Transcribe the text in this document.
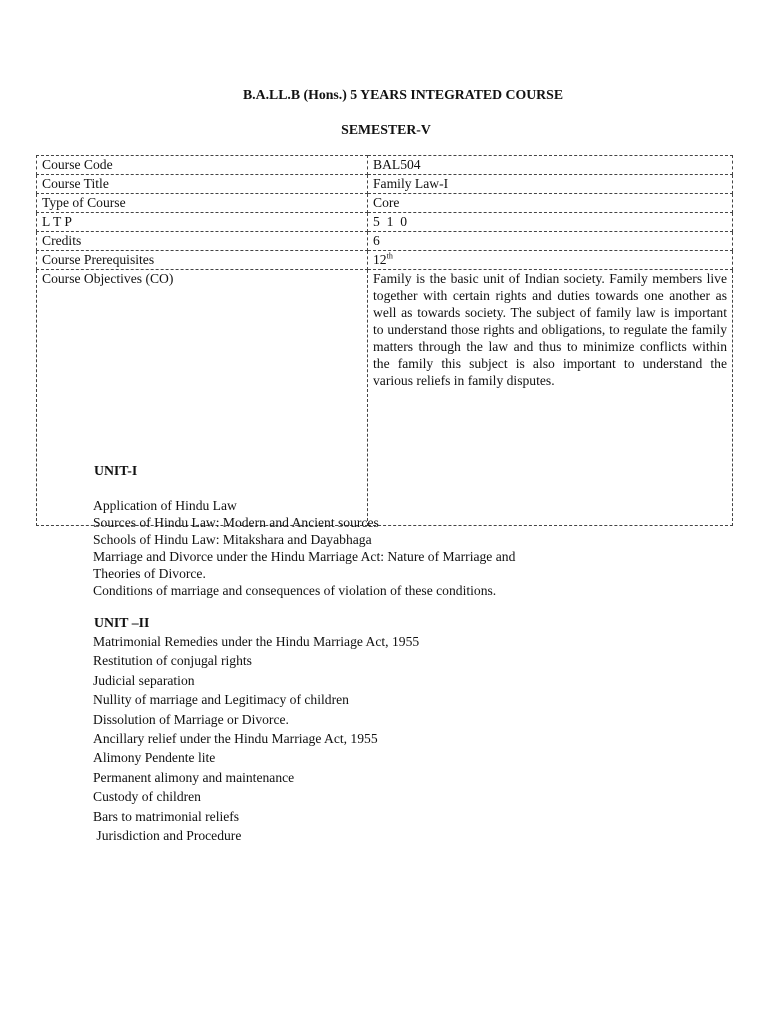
B.A.LL.B (Hons.) 5 YEARS INTEGRATED COURSE
SEMESTER-V
Course Code	BAL504
Course Title	Family Law-I
Type of Course	Core
L T P	5  1  0
Credits	6
Course Prerequisites	12th
Course Objectives (CO)	Family is the basic unit of Indian society. Family members live together with certain rights and duties towards one another as well as towards society. The subject of family law is important to understand those rights and obligations, to regulate the family matters through the law and thus to minimize conflicts within the family this subject is also important to understand the various reliefs in family disputes.
UNIT-I
Application of Hindu Law
Sources of Hindu Law: Modern and Ancient sources
Schools of Hindu Law: Mitakshara and Dayabhaga
Marriage and Divorce under the Hindu Marriage Act: Nature of Marriage and
Theories of Divorce.
Conditions of marriage and consequences of violation of these conditions.
UNIT –II
Matrimonial Remedies under the Hindu Marriage Act, 1955
Restitution of conjugal rights
Judicial separation
Nullity of marriage and Legitimacy of children
Dissolution of Marriage or Divorce.
Ancillary relief under the Hindu Marriage Act, 1955
Alimony Pendente lite
Permanent alimony and maintenance
Custody of children
Bars to matrimonial reliefs
Jurisdiction and Procedure
